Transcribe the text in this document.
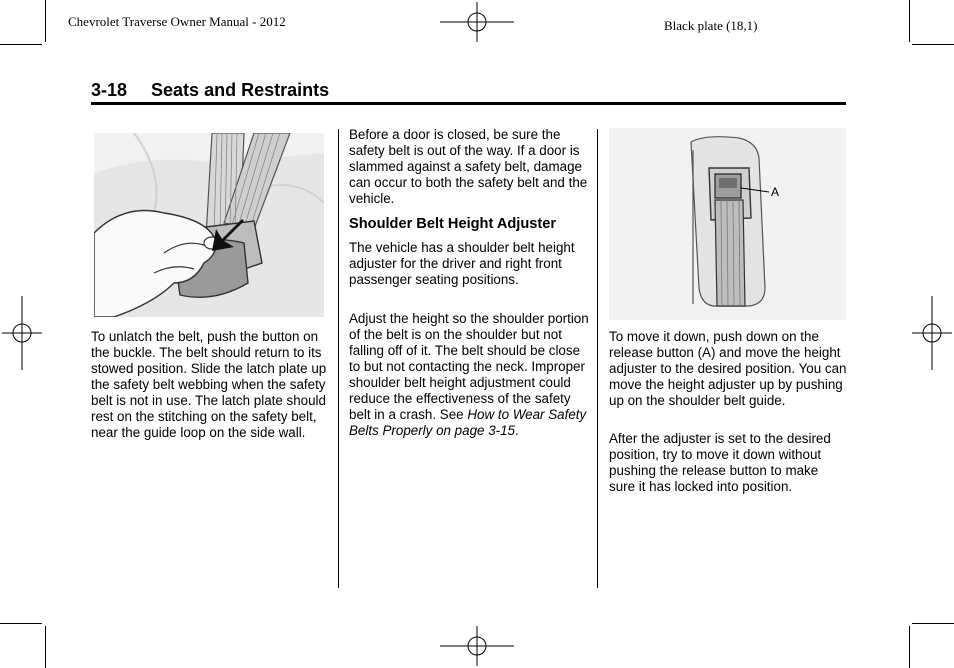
Chevrolet Traverse Owner Manual - 2012	Black plate (18,1)
3-18 Seats and Restraints

To unlatch the belt, push the button on the buckle. The belt should return to its stowed position. Slide the latch plate up the safety belt webbing when the safety belt is not in use. The latch plate should rest on the stitching on the safety belt, near the guide loop on the side wall.

Before a door is closed, be sure the safety belt is out of the way. If a door is slammed against a safety belt, damage can occur to both the safety belt and the vehicle.

Shoulder Belt Height Adjuster

The vehicle has a shoulder belt height adjuster for the driver and right front passenger seating positions.

Adjust the height so the shoulder portion of the belt is on the shoulder but not falling off of it. The belt should be close to but not contacting the neck. Improper shoulder belt height adjustment could reduce the effectiveness of the safety belt in a crash. See How to Wear Safety Belts Properly on page 3-15.

A

To move it down, push down on the release button (A) and move the height adjuster to the desired position. You can move the height adjuster up by pushing up on the shoulder belt guide.

After the adjuster is set to the desired position, try to move it down without pushing the release button to make sure it has locked into position.
